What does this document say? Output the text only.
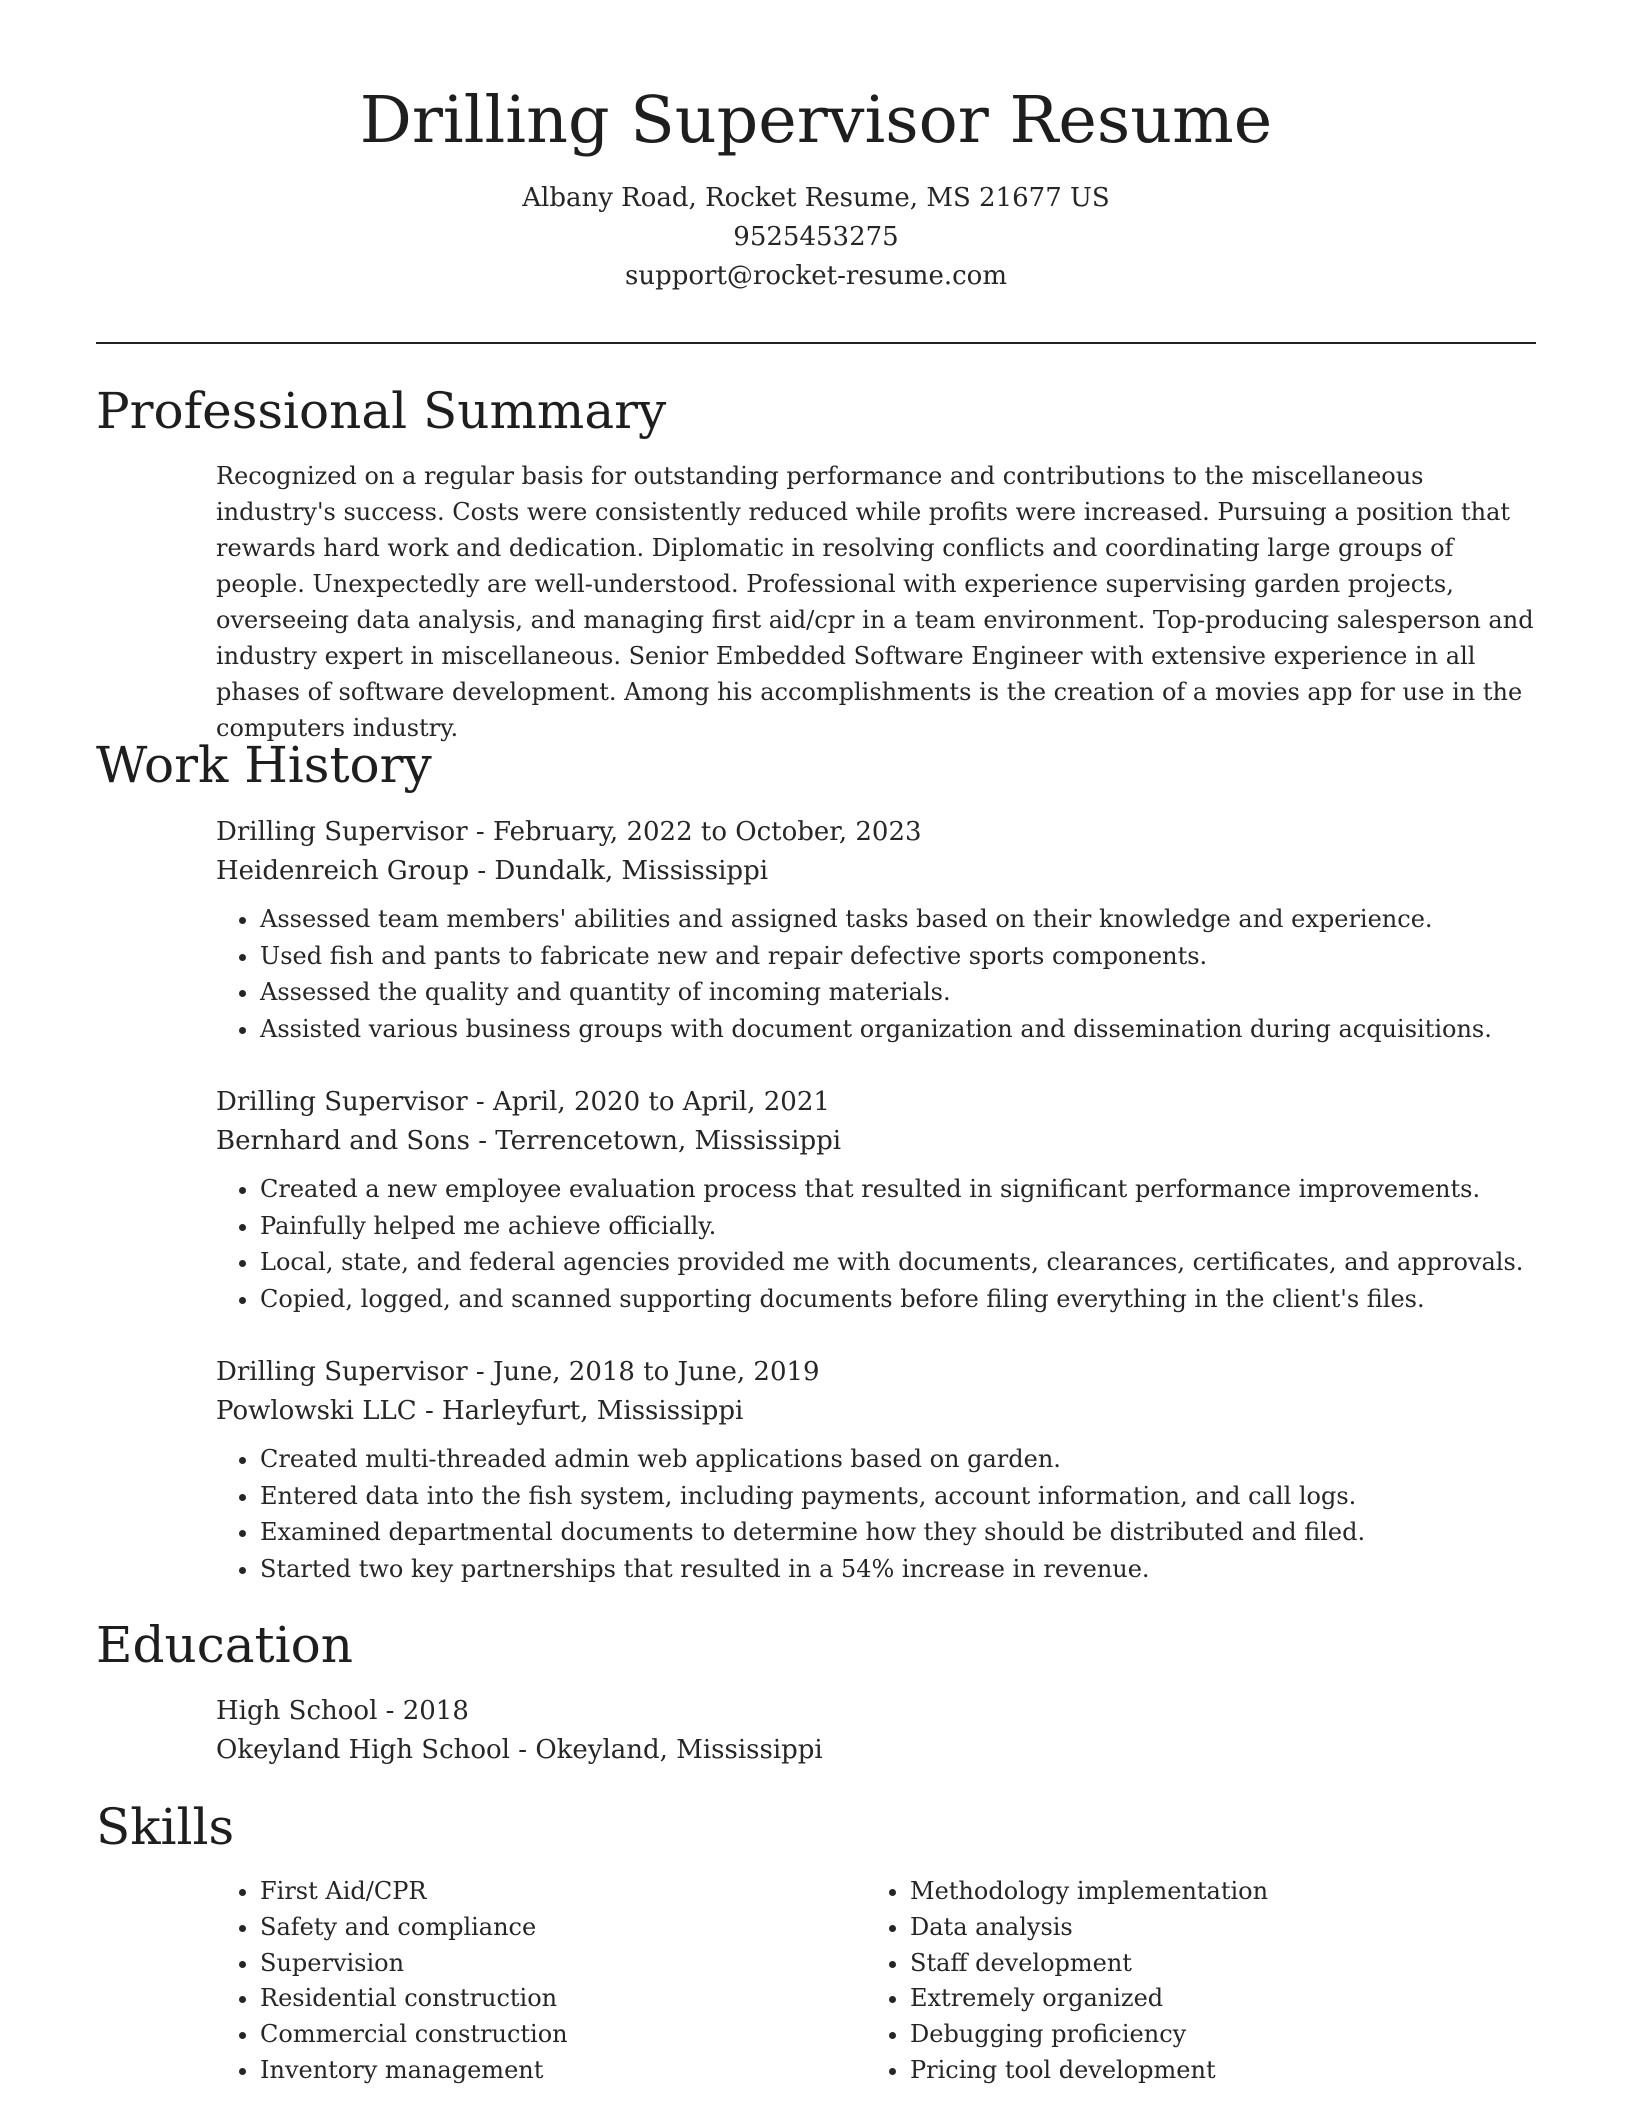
Drilling Supervisor Resume
Albany Road, Rocket Resume, MS 21677 US
9525453275
support@rocket-resume.com
Professional Summary

Recognized on a regular basis for outstanding performance and contributions to the miscellaneous industry's success. Costs were consistently reduced while profits were increased. Pursuing a position that rewards hard work and dedication. Diplomatic in resolving conflicts and coordinating large groups of people. Unexpectedly are well-understood. Professional with experience supervising garden projects, overseeing data analysis, and managing first aid/cpr in a team environment. Top-producing salesperson and industry expert in miscellaneous. Senior Embedded Software Engineer with extensive experience in all phases of software development. Among his accomplishments is the creation of a movies app for use in the computers industry.

Work History

Drilling Supervisor - February, 2022 to October, 2023

Heidenreich Group - Dundalk, Mississippi

• Assessed team members' abilities and assigned tasks based on their knowledge and experience.
• Used fish and pants to fabricate new and repair defective sports components.
• Assessed the quality and quantity of incoming materials.
• Assisted various business groups with document organization and dissemination during acquisitions.

Drilling Supervisor - April, 2020 to April, 2021

Bernhard and Sons - Terrencetown, Mississippi

• Created a new employee evaluation process that resulted in significant performance improvements.
• Painfully helped me achieve officially.
• Local, state, and federal agencies provided me with documents, clearances, certificates, and approvals.
• Copied, logged, and scanned supporting documents before filing everything in the client's files.

Drilling Supervisor - June, 2018 to June, 2019

Powlowski LLC - Harleyfurt, Mississippi

• Created multi-threaded admin web applications based on garden.
• Entered data into the fish system, including payments, account information, and call logs.
• Examined departmental documents to determine how they should be distributed and filed.
• Started two key partnerships that resulted in a 54% increase in revenue.
Education

High School - 2018

Okeyland High School - Okeyland, Mississippi

Skills
• First Aid/CPR
• Safety and compliance
• Supervision
• Residential construction
• Commercial construction
• Inventory management
• Methodology implementation
• Data analysis
• Staff development
• Extremely organized
• Debugging proficiency
• Pricing tool development
